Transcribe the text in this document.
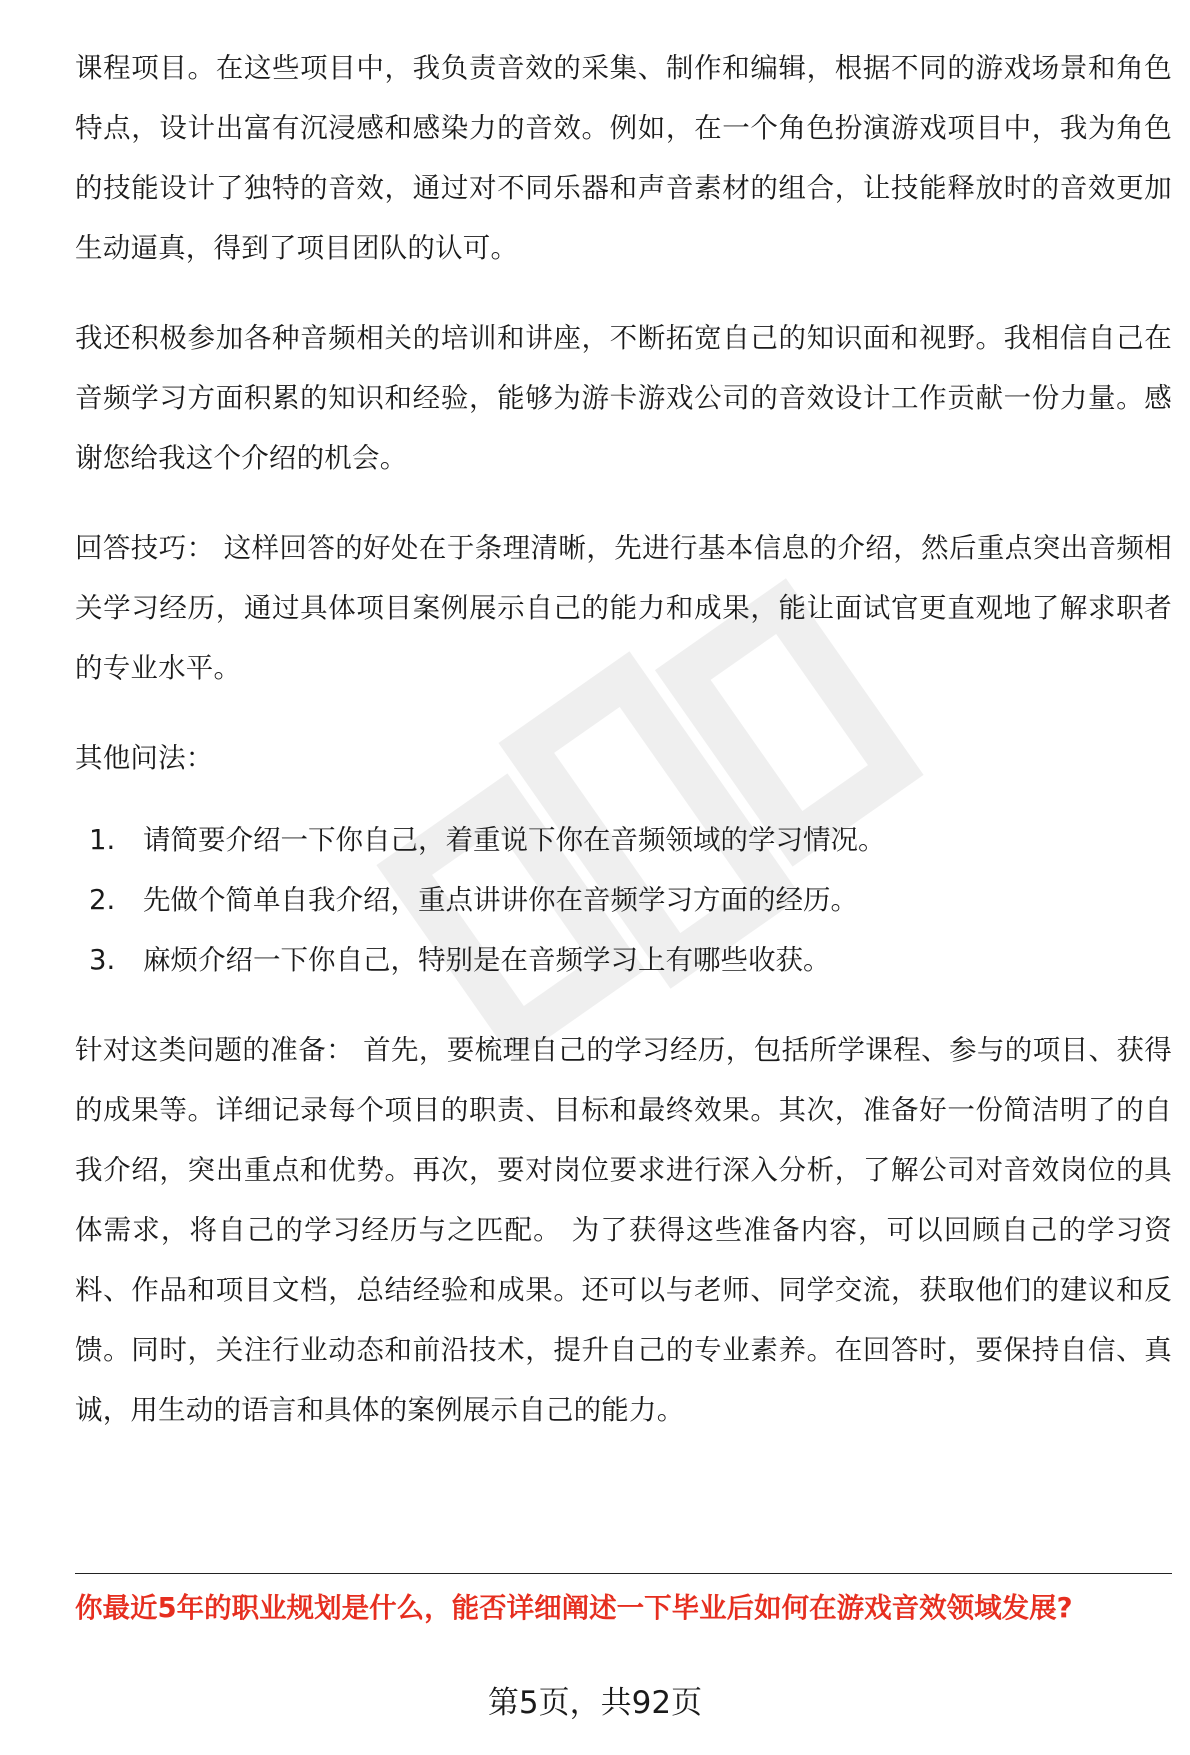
课程项目。在这些项目中，我负责音效的采集、制作和编辑，根据不同的游戏场景和角色特点，设计出富有沉浸感和感染力的音效。例如，在一个角色扮演游戏项目中，我为角色的技能设计了独特的音效，通过对不同乐器和声音素材的组合，让技能释放时的音效更加生动逼真，得到了项目团队的认可。

我还积极参加各种音频相关的培训和讲座，不断拓宽自己的知识面和视野。我相信自己在音频学习方面积累的知识和经验，能够为游卡游戏公司的音效设计工作贡献一份力量。感谢您给我这个介绍的机会。

回答技巧： 这样回答的好处在于条理清晰，先进行基本信息的介绍，然后重点突出音频相关学习经历，通过具体项目案例展示自己的能力和成果，能让面试官更直观地了解求职者的专业水平。

其他问法：

1.	请简要介绍一下你自己，着重说下你在音频领域的学习情况。
2.	先做个简单自我介绍，重点讲讲你在音频学习方面的经历。
3.	麻烦介绍一下你自己，特别是在音频学习上有哪些收获。

针对这类问题的准备： 首先，要梳理自己的学习经历，包括所学课程、参与的项目、获得的成果等。详细记录每个项目的职责、目标和最终效果。其次，准备好一份简洁明了的自我介绍，突出重点和优势。再次，要对岗位要求进行深入分析，了解公司对音效岗位的具体需求，将自己的学习经历与之匹配。 为了获得这些准备内容，可以回顾自己的学习资料、作品和项目文档，总结经验和成果。还可以与老师、同学交流，获取他们的建议和反馈。同时，关注行业动态和前沿技术，提升自己的专业素养。在回答时，要保持自信、真诚，用生动的语言和具体的案例展示自己的能力。

你最近5年的职业规划是什么，能否详细阐述一下毕业后如何在游戏音效领域发展?

第5页，共92页
